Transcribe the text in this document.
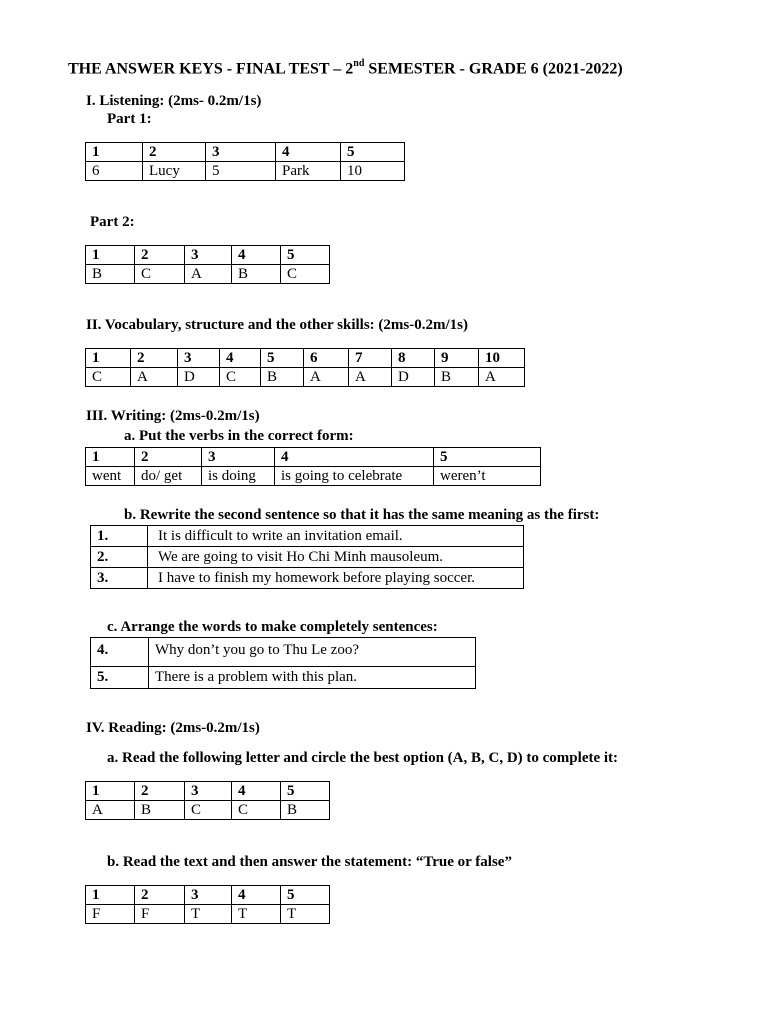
THE ANSWER KEYS - FINAL TEST – 2nd SEMESTER - GRADE 6 (2021-2022)
I. Listening: (2ms- 0.2m/1s)
Part 1:
1	2	3	4	5
6	Lucy	5	Park	10
Part 2:
1	2	3	4	5
B	C	A	B	C
II. Vocabulary, structure and the other skills: (2ms-0.2m/1s)
1	2	3	4	5	6	7	8	9	10
C	A	D	C	B	A	A	D	B	A
III. Writing: (2ms-0.2m/1s)
a. Put the verbs in the correct form:
1	2	3	4	5
went	do/ get	is doing	is going to celebrate	weren’t
b. Rewrite the second sentence so that it has the same meaning as the first:
1.	It is difficult to write an invitation email.
2.	We are going to visit Ho Chi Minh mausoleum.
3.	I have to finish my homework before playing soccer.
c. Arrange the words to make completely sentences:
4.	Why don’t you go to Thu Le zoo?
5.	There is a problem with this plan.
IV. Reading: (2ms-0.2m/1s)
a. Read the following letter and circle the best option (A, B, C, D) to complete it:
1	2	3	4	5
A	B	C	C	B
b. Read the text and then answer the statement: “True or false”
1	2	3	4	5
F	F	T	T	T
